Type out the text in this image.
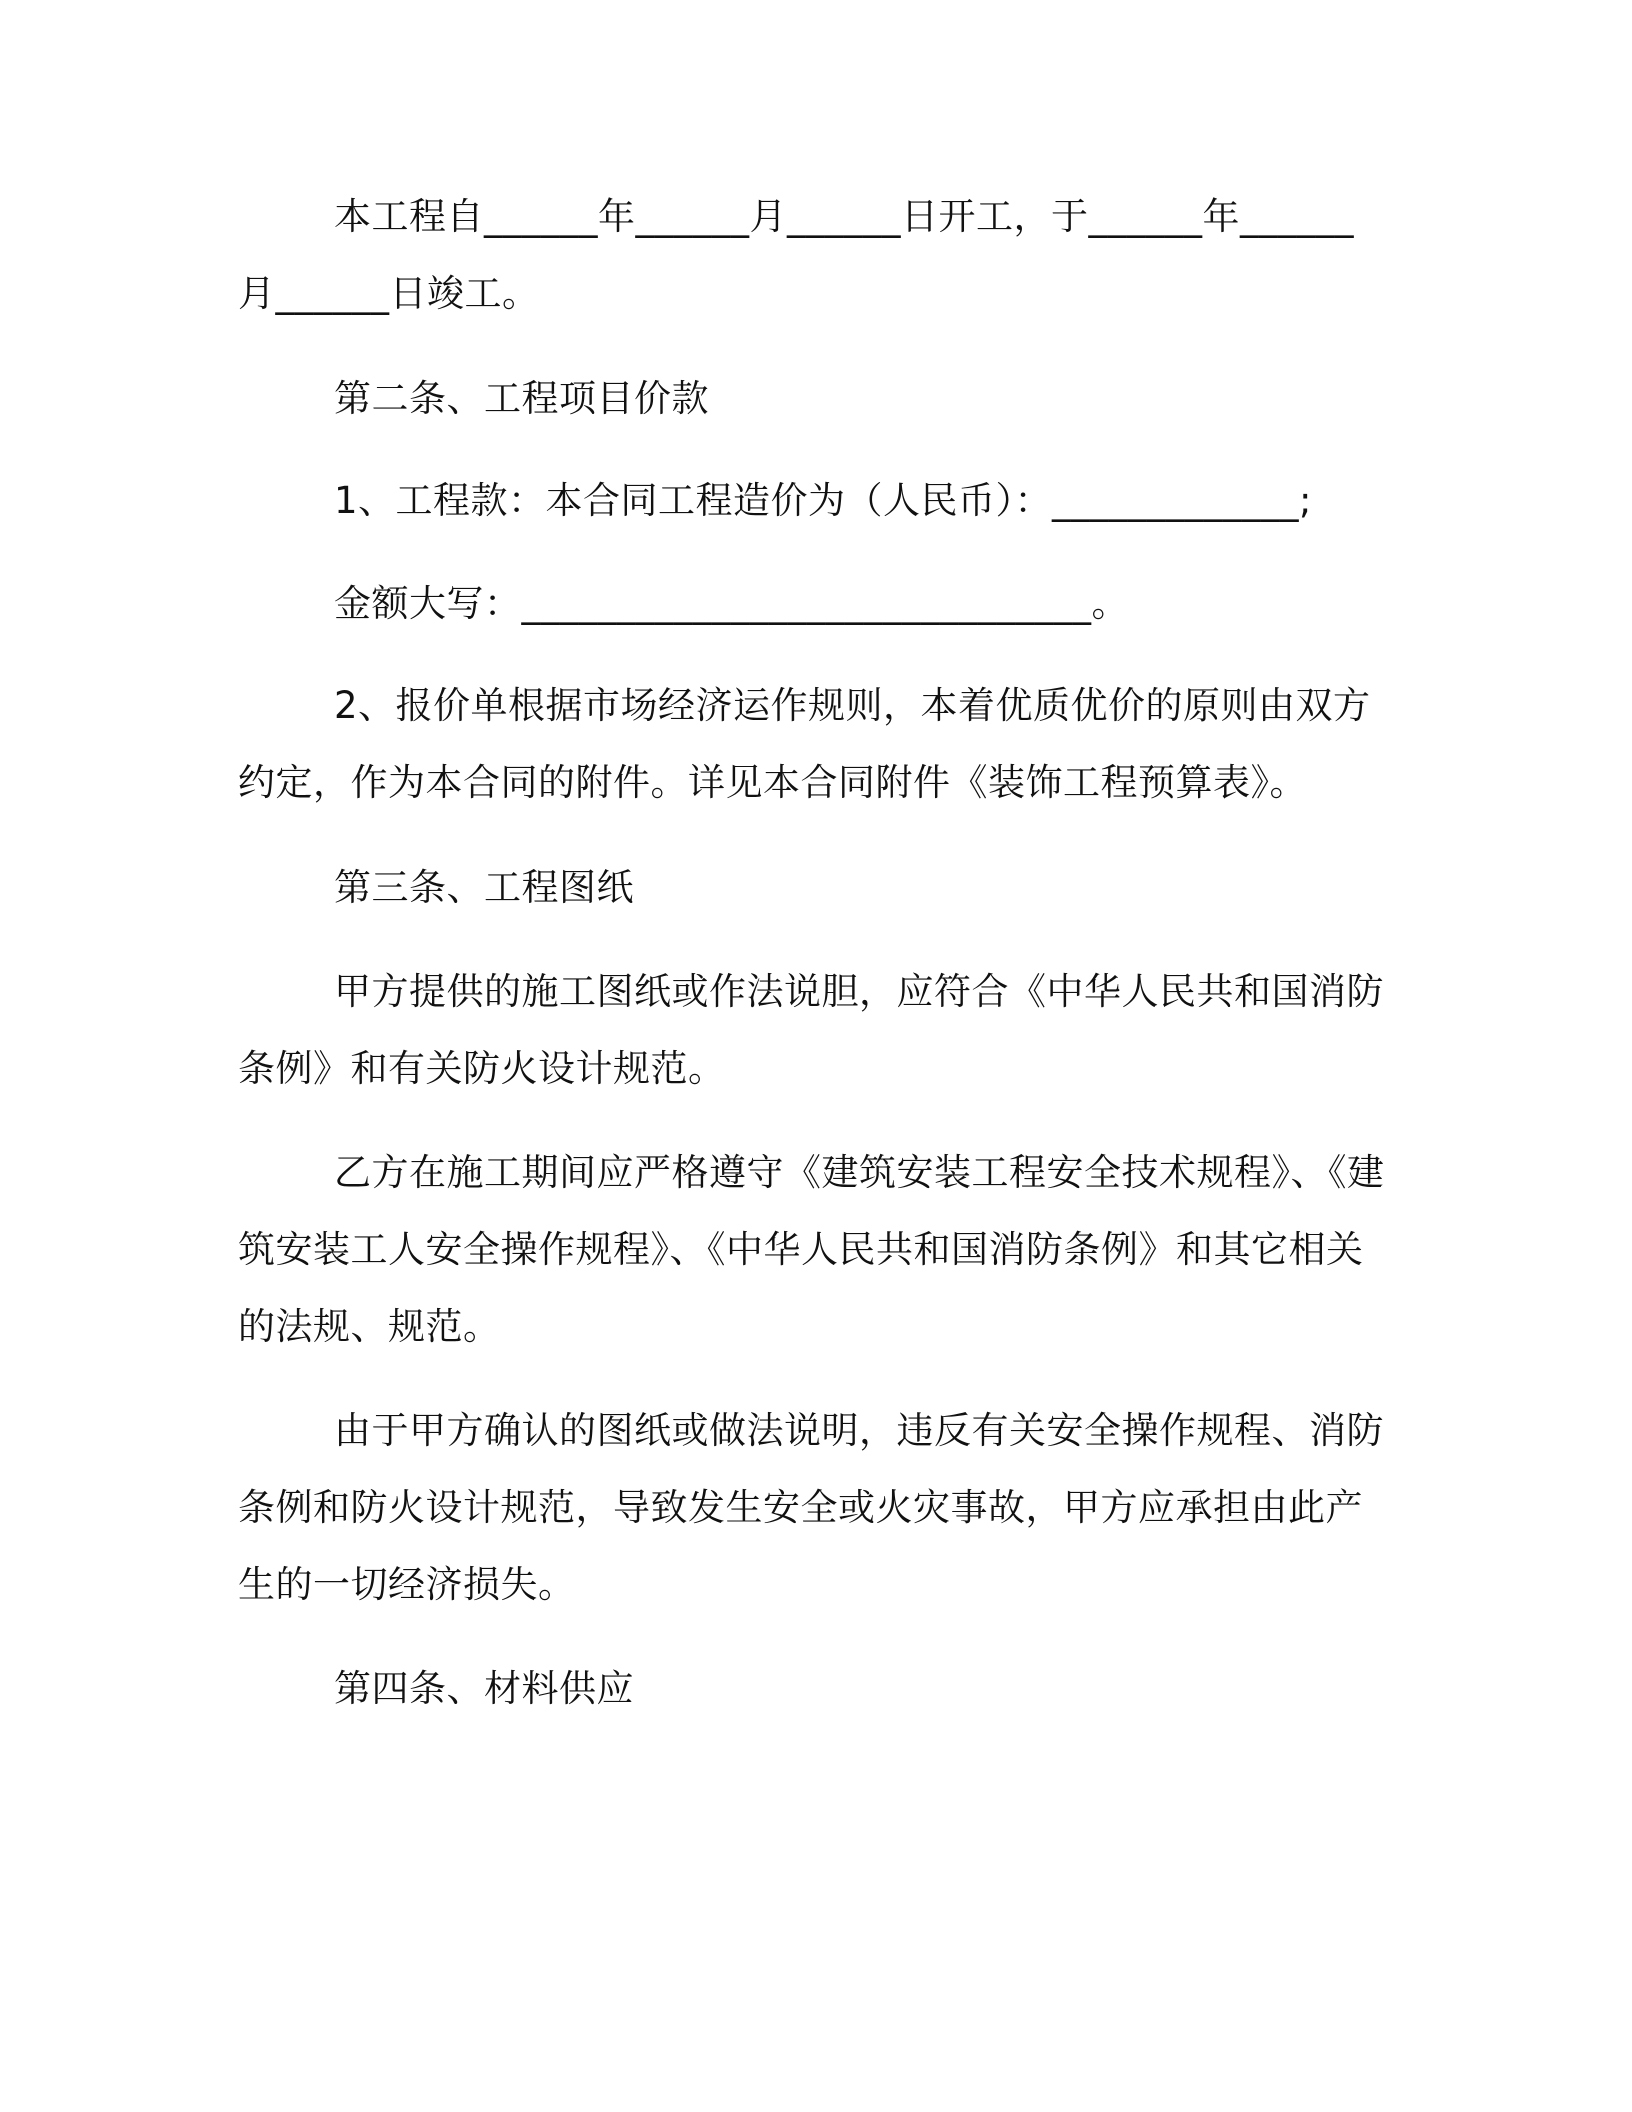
本工程自______年______月______日开工，于______年______月______日竣工。

第二条、工程项目价款

1、工程款：本合同工程造价为（人民币）：_____________;

金额大写：______________________________。

2、报价单根据市场经济运作规则，本着优质优价的原则由双方约定，作为本合同的附件。详见本合同附件《装饰工程预算表》。

第三条、工程图纸

甲方提供的施工图纸或作法说胆，应符合《中华人民共和国消防条例》和有关防火设计规范。

乙方在施工期间应严格遵守《建筑安装工程安全技术规程》、《建筑安装工人安全操作规程》、《中华人民共和国消防条例》和其它相关的法规、规范。

由于甲方确认的图纸或做法说明，违反有关安全操作规程、消防条例和防火设计规范，导致发生安全或火灾事故，甲方应承担由此产生的一切经济损失。

第四条、材料供应
